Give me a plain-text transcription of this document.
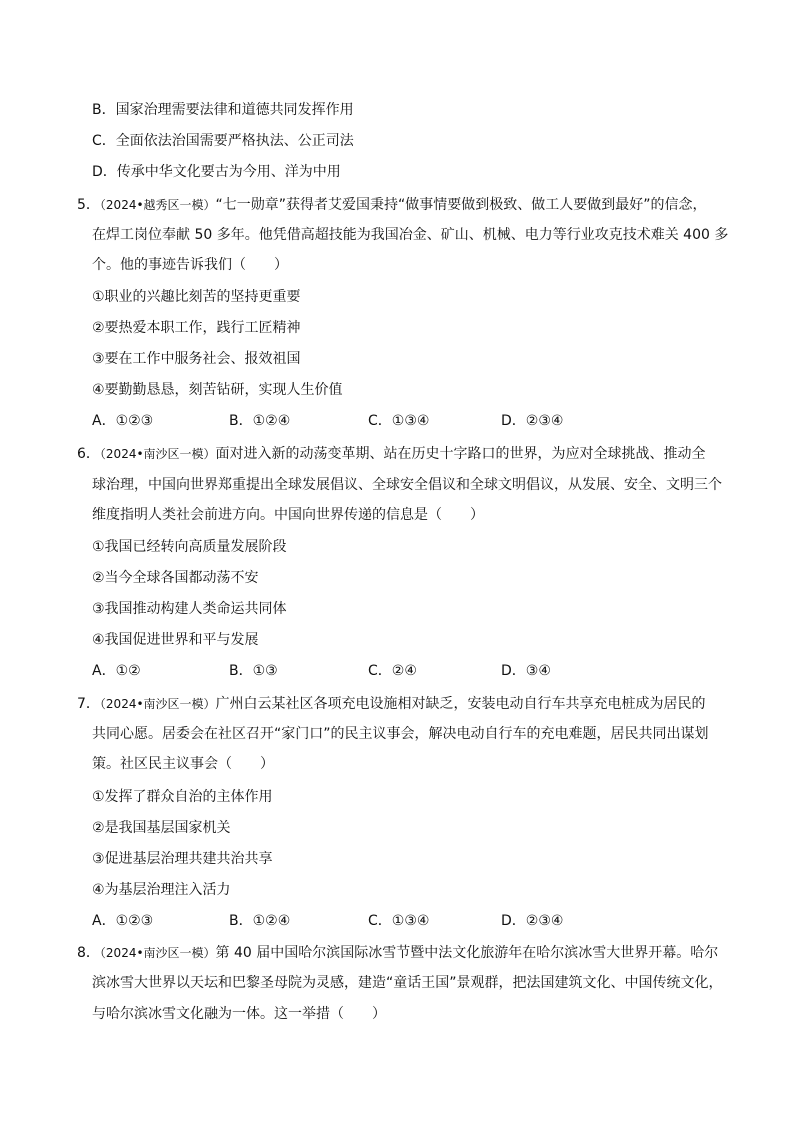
B．国家治理需要法律和道德共同发挥作用
C．全面依法治国需要严格执法、公正司法
D．传承中华文化要古为今用、洋为中用
5．（2024•越秀区一模）“七一勋章”获得者艾爱国秉持“做事情要做到极致、做工人要做到最好”的信念，
在焊工岗位奉献 50 多年。他凭借高超技能为我国冶金、矿山、机械、电力等行业攻克技术难关 400 多
个。他的事迹告诉我们（　　）
①职业的兴趣比刻苦的坚持更重要
②要热爱本职工作，践行工匠精神
③要在工作中服务社会、报效祖国
④要勤勤恳恳，刻苦钻研，实现人生价值
A．①②③	B．①②④	C．①③④	D．②③④
6．（2024•南沙区一模）面对进入新的动荡变革期、站在历史十字路口的世界，为应对全球挑战、推动全
球治理，中国向世界郑重提出全球发展倡议、全球安全倡议和全球文明倡议，从发展、安全、文明三个
维度指明人类社会前进方向。中国向世界传递的信息是（　　）
①我国已经转向高质量发展阶段
②当今全球各国都动荡不安
③我国推动构建人类命运共同体
④我国促进世界和平与发展
A．①②	B．①③	C．②④	D．③④
7．（2024•南沙区一模）广州白云某社区各项充电设施相对缺乏，安装电动自行车共享充电桩成为居民的
共同心愿。居委会在社区召开“家门口”的民主议事会，解决电动自行车的充电难题，居民共同出谋划
策。社区民主议事会（　　）
①发挥了群众自治的主体作用
②是我国基层国家机关
③促进基层治理共建共治共享
④为基层治理注入活力
A．①②③	B．①②④	C．①③④	D．②③④
8．（2024•南沙区一模）第 40 届中国哈尔滨国际冰雪节暨中法文化旅游年在哈尔滨冰雪大世界开幕。哈尔
滨冰雪大世界以天坛和巴黎圣母院为灵感，建造“童话王国”景观群，把法国建筑文化、中国传统文化，
与哈尔滨冰雪文化融为一体。这一举措（　　）
